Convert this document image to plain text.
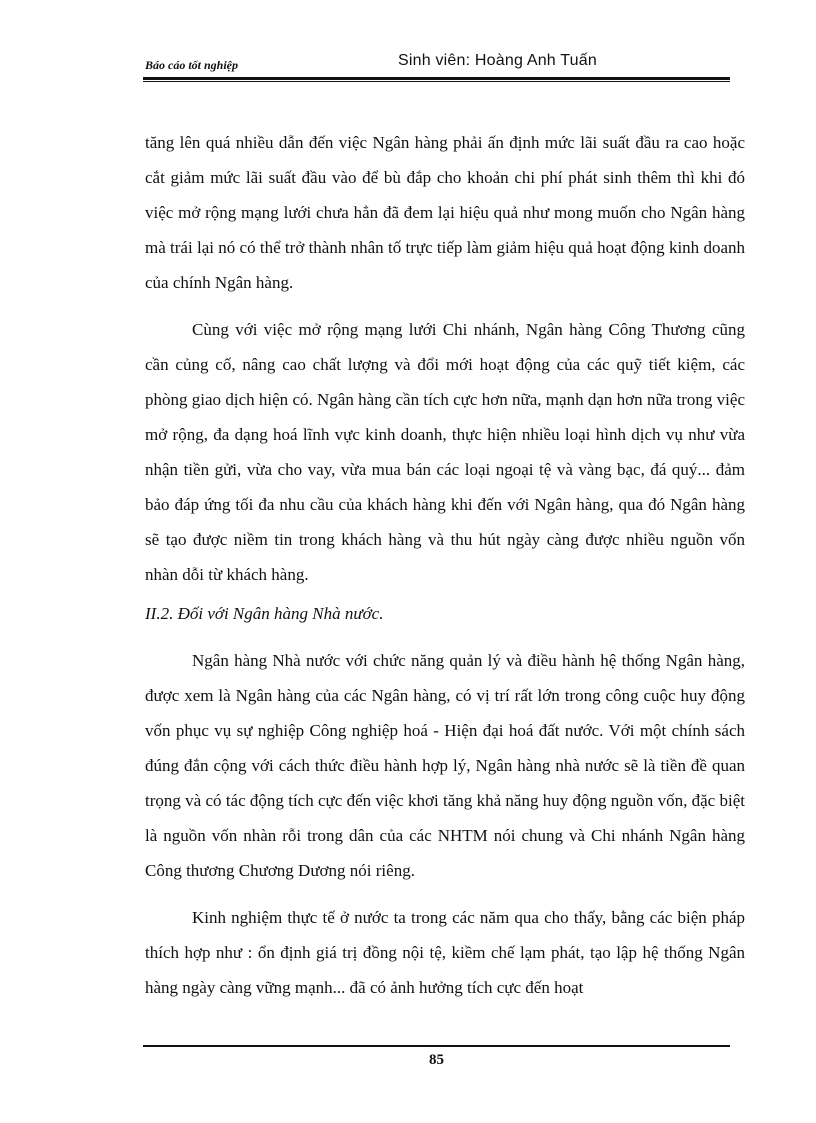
Báo cáo tốt nghiệp	Sinh viên: Hoàng Anh Tuấn

tăng lên quá nhiều dẫn đến việc Ngân hàng phải ấn định mức lãi suất đầu ra cao hoặc cắt giảm mức lãi suất đầu vào để bù đắp cho khoản chi phí phát sinh thêm thì khi đó việc mở rộng mạng lưới chưa hẳn đã đem lại hiệu quả như mong muốn cho Ngân hàng mà trái lại nó có thể trở thành nhân tố trực tiếp làm giảm hiệu quả hoạt động kinh doanh của chính Ngân hàng.

Cùng với việc mở rộng mạng lưới Chi nhánh, Ngân hàng Công Thương cũng cần củng cố, nâng cao chất lượng và đổi mới hoạt động của các quỹ tiết kiệm, các phòng giao dịch hiện có. Ngân hàng cần tích cực hơn nữa, mạnh dạn hơn nữa trong việc mở rộng, đa dạng hoá lĩnh vực kinh doanh, thực hiện nhiều loại hình dịch vụ như vừa nhận tiền gửi, vừa cho vay, vừa mua bán các loại ngoại tệ và vàng bạc, đá quý... đảm bảo đáp ứng tối đa nhu cầu của khách hàng khi đến với Ngân hàng, qua đó Ngân hàng sẽ tạo được niềm tin trong khách hàng và thu hút ngày càng được nhiều nguồn vốn nhàn dỗi từ khách hàng.

II.2. Đối với Ngân hàng Nhà nước.

Ngân hàng Nhà nước với chức năng quản lý và điều hành hệ thống Ngân hàng, được xem là Ngân hàng của các Ngân hàng, có vị trí rất lớn trong công cuộc huy động vốn phục vụ sự nghiệp Công nghiệp hoá - Hiện đại hoá đất nước. Với một chính sách đúng đắn cộng với cách thức điều hành hợp lý, Ngân hàng nhà nước sẽ là tiền đề quan trọng và có tác động tích cực đến việc khơi tăng khả năng huy động nguồn vốn, đặc biệt là nguồn vốn nhàn rỗi trong dân của các NHTM nói chung và Chi nhánh Ngân hàng Công thương Chương Dương nói riêng.

Kinh nghiệm thực tế ở nước ta trong các năm qua cho thấy, bằng các biện pháp thích hợp như : ổn định giá trị đồng nội tệ, kiềm chế lạm phát, tạo lập hệ thống Ngân hàng ngày càng vững mạnh... đã có ảnh hưởng tích cực đến hoạt

85
